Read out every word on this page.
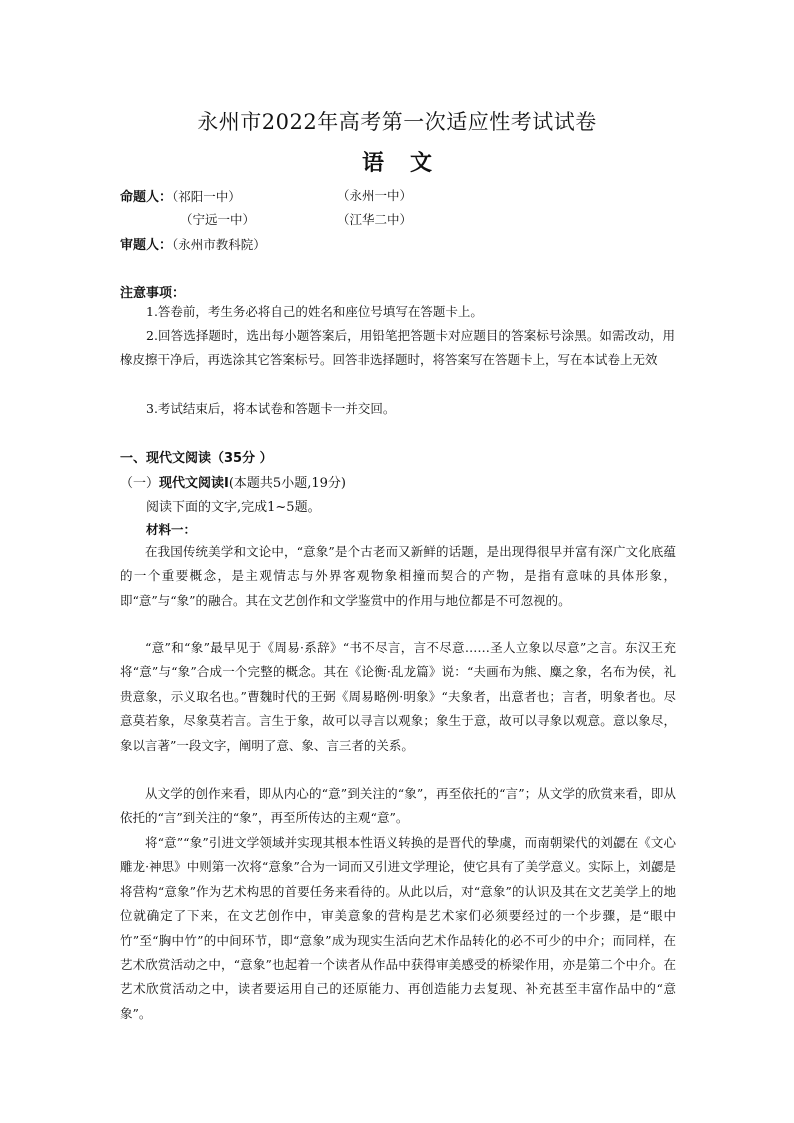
永州市2022年高考第一次适应性考试试卷
语文
命题人：（祁阳一中）	（永州一中）
（宁远一中）	（江华二中）
审题人：（永州市教科院）
注意事项：
1.答卷前，考生务必将自己的姓名和座位号填写在答题卡上。
2.回答选择题时，选出每小题答案后，用铅笔把答题卡对应题目的答案标号涂黑。如需改动，用橡皮擦干净后，再选涂其它答案标号。回答非选择题时，将答案写在答题卡上，写在本试卷上无效
3.考试结束后，将本试卷和答题卡一并交回。
一、现代文阅读（35分 ）
（一）现代文阅读Ⅰ(本题共5小题,19分)
阅读下面的文字,完成1~5题。
材料一：
在我国传统美学和文论中，“意象”是个古老而又新鲜的话题，是出现得很早并富有深广文化底蕴的一个重要概念，是主观情志与外界客观物象相撞而契合的产物，是指有意味的具体形象，即“意”与“象”的融合。其在文艺创作和文学鉴赏中的作用与地位都是不可忽视的。
“意”和“象”最早见于《周易·系辞》“书不尽言，言不尽意……圣人立象以尽意”之言。东汉王充将“意”与“象”合成一个完整的概念。其在《论衡·乱龙篇》说：“夫画布为熊、麋之象，名布为侯，礼贵意象，示义取名也。”曹魏时代的王弼《周易略例·明象》“夫象者，出意者也；言者，明象者也。尽意莫若象，尽象莫若言。言生于象，故可以寻言以观象；象生于意，故可以寻象以观意。意以象尽，象以言著”一段文字，阐明了意、象、言三者的关系。
从文学的创作来看，即从内心的“意”到关注的“象”，再至依托的“言”；从文学的欣赏来看，即从依托的“言”到关注的“象”，再至所传达的主观“意”。
将“意”“象”引进文学领域并实现其根本性语义转换的是晋代的挚虞，而南朝梁代的刘勰在《文心雕龙·神思》中则第一次将“意象”合为一词而又引进文学理论，使它具有了美学意义。实际上，刘勰是将营构“意象”作为艺术构思的首要任务来看待的。从此以后，对“意象”的认识及其在文艺美学上的地位就确定了下来，在文艺创作中，审美意象的营构是艺术家们必须要经过的一个步骤，是“眼中竹”至“胸中竹”的中间环节，即“意象”成为现实生活向艺术作品转化的必不可少的中介；而同样，在艺术欣赏活动之中，“意象”也起着一个读者从作品中获得审美感受的桥梁作用，亦是第二个中介。在艺术欣赏活动之中，读者要运用自己的还原能力、再创造能力去复现、补充甚至丰富作品中的“意象”。
